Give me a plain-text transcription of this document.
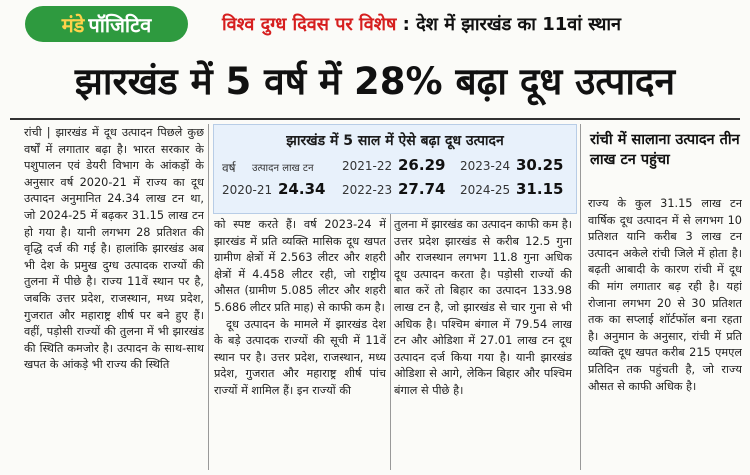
मंडे पॉजिटिव	विश्व दुग्ध दिवस पर विशेष : देश में झारखंड का 11वां स्थान
झारखंड में 5 वर्ष में 28% बढ़ा दूध उत्पादन
रांची | झारखंड में दूध उत्पादन पिछले कुछ वर्षों में लगातार बढ़ा है। भारत सरकार के पशुपालन एवं डेयरी विभाग के आंकड़ों के अनुसार वर्ष 2020-21 में राज्य का दूध उत्पादन अनुमानित 24.34 लाख टन था, जो 2024-25 में बढ़कर 31.15 लाख टन हो गया है। यानी लगभग 28 प्रतिशत की वृद्धि दर्ज की गई है। हालांकि झारखंड अब भी देश के प्रमुख दुग्ध उत्पादक राज्यों की तुलना में पीछे है। राज्य 11वें स्थान पर है, जबकि उत्तर प्रदेश, राजस्थान, मध्य प्रदेश, गुजरात और महाराष्ट्र शीर्ष पर बने हुए हैं। वहीं, पड़ोसी राज्यों की तुलना में भी झारखंड की स्थिति कमजोर है। उत्पादन के साथ-साथ खपत के आंकड़े भी राज्य की स्थिति
झारखंड में 5 साल में ऐसे बढ़ा दूध उत्पादन
वर्ष उत्पादन लाख टन 2021-22 26.29 2023-24 30.25
2020-21 24.34 2022-23 27.74 2024-25 31.15
को स्पष्ट करते हैं। वर्ष 2023-24 में झारखंड में प्रति व्यक्ति मासिक दूध खपत ग्रामीण क्षेत्रों में 2.563 लीटर और शहरी क्षेत्रों में 4.458 लीटर रही, जो राष्ट्रीय औसत (ग्रामीण 5.085 लीटर और शहरी 5.686 लीटर प्रति माह) से काफी कम है।
दूध उत्पादन के मामले में झारखंड देश के बड़े उत्पादक राज्यों की सूची में 11वें स्थान पर है। उत्तर प्रदेश, राजस्थान, मध्य प्रदेश, गुजरात और महाराष्ट्र शीर्ष पांच राज्यों में शामिल हैं। इन राज्यों की
तुलना में झारखंड का उत्पादन काफी कम है। उत्तर प्रदेश झारखंड से करीब 12.5 गुना और राजस्थान लगभग 11.8 गुना अधिक दूध उत्पादन करता है। पड़ोसी राज्यों की बात करें तो बिहार का उत्पादन 133.98 लाख टन है, जो झारखंड से चार गुना से भी अधिक है। पश्चिम बंगाल में 79.54 लाख टन और ओडिशा में 27.01 लाख टन दूध उत्पादन दर्ज किया गया है। यानी झारखंड ओडिशा से आगे, लेकिन बिहार और पश्चिम बंगाल से पीछे है।
रांची में सालाना उत्पादन तीन लाख टन पहुंचा
राज्य के कुल 31.15 लाख टन वार्षिक दूध उत्पादन में से लगभग 10 प्रतिशत यानि करीब 3 लाख टन उत्पादन अकेले रांची जिले में होता है। बढ़ती आबादी के कारण रांची में दूध की मांग लगातार बढ़ रही है। यहां रोजाना लगभग 20 से 30 प्रतिशत तक का सप्लाई शॉर्टफॉल बना रहता है। अनुमान के अनुसार, रांची में प्रति व्यक्ति दूध खपत करीब 215 एमएल प्रतिदिन तक पहुंचती है, जो राज्य औसत से काफी अधिक है।
